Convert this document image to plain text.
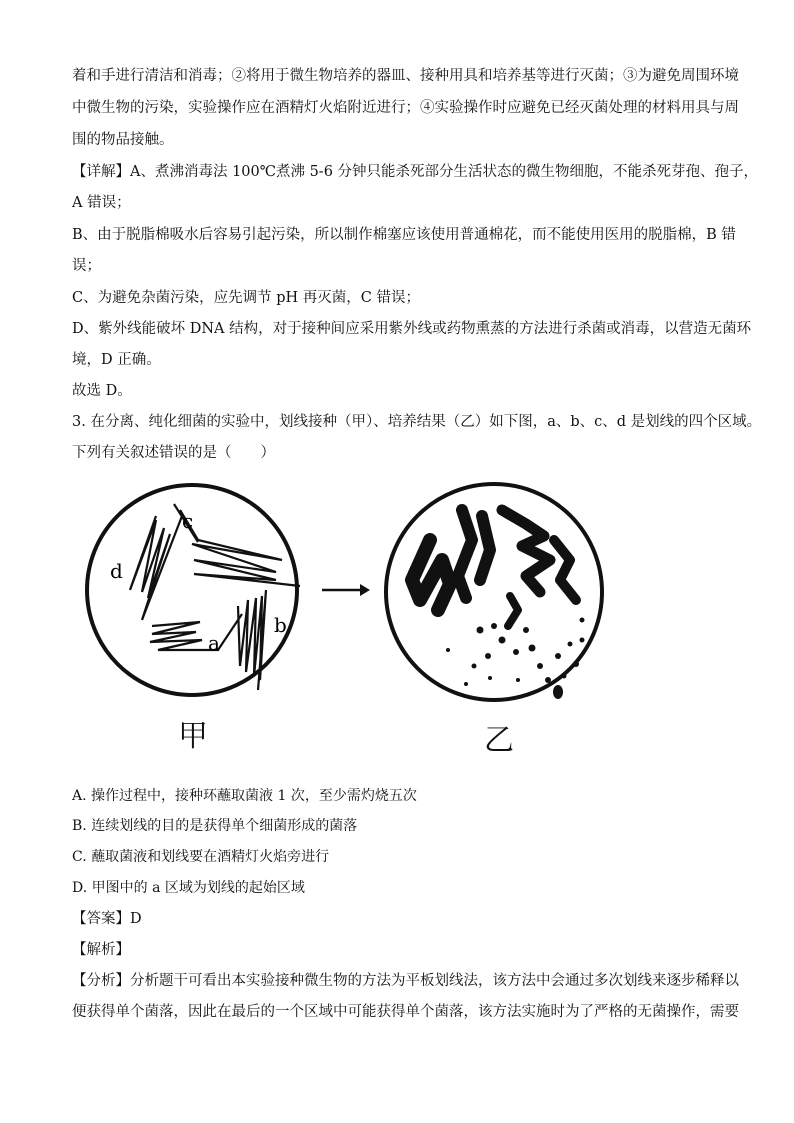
着和手进行清洁和消毒；②将用于微生物培养的器皿、接种用具和培养基等进行灭菌；③为避免周围环境
中微生物的污染，实验操作应在酒精灯火焰附近进行；④实验操作时应避免已经灭菌处理的材料用具与周
围的物品接触。
【详解】A、煮沸消毒法 100℃煮沸 5-6 分钟只能杀死部分生活状态的微生物细胞，不能杀死芽孢、孢子，
A 错误；
B、由于脱脂棉吸水后容易引起污染，所以制作棉塞应该使用普通棉花，而不能使用医用的脱脂棉，B 错
误；
C、为避免杂菌污染，应先调节 pH 再灭菌，C 错误；
D、紫外线能破坏 DNA 结构，对于接种间应采用紫外线或药物熏蒸的方法进行杀菌或消毒，以营造无菌环
境，D 正确。
故选 D。
3. 在分离、纯化细菌的实验中，划线接种（甲）、培养结果（乙）如下图，a、b、c、d 是划线的四个区域。
下列有关叙述错误的是（　　）
d
c
b
a
甲	乙
A. 操作过程中，接种环蘸取菌液 1 次，至少需灼烧五次
B. 连续划线的目的是获得单个细菌形成的菌落
C. 蘸取菌液和划线要在酒精灯火焰旁进行
D. 甲图中的 a 区域为划线的起始区域
【答案】D
【解析】
【分析】分析题干可看出本实验接种微生物的方法为平板划线法，该方法中会通过多次划线来逐步稀释以
便获得单个菌落，因此在最后的一个区域中可能获得单个菌落，该方法实施时为了严格的无菌操作，需要
